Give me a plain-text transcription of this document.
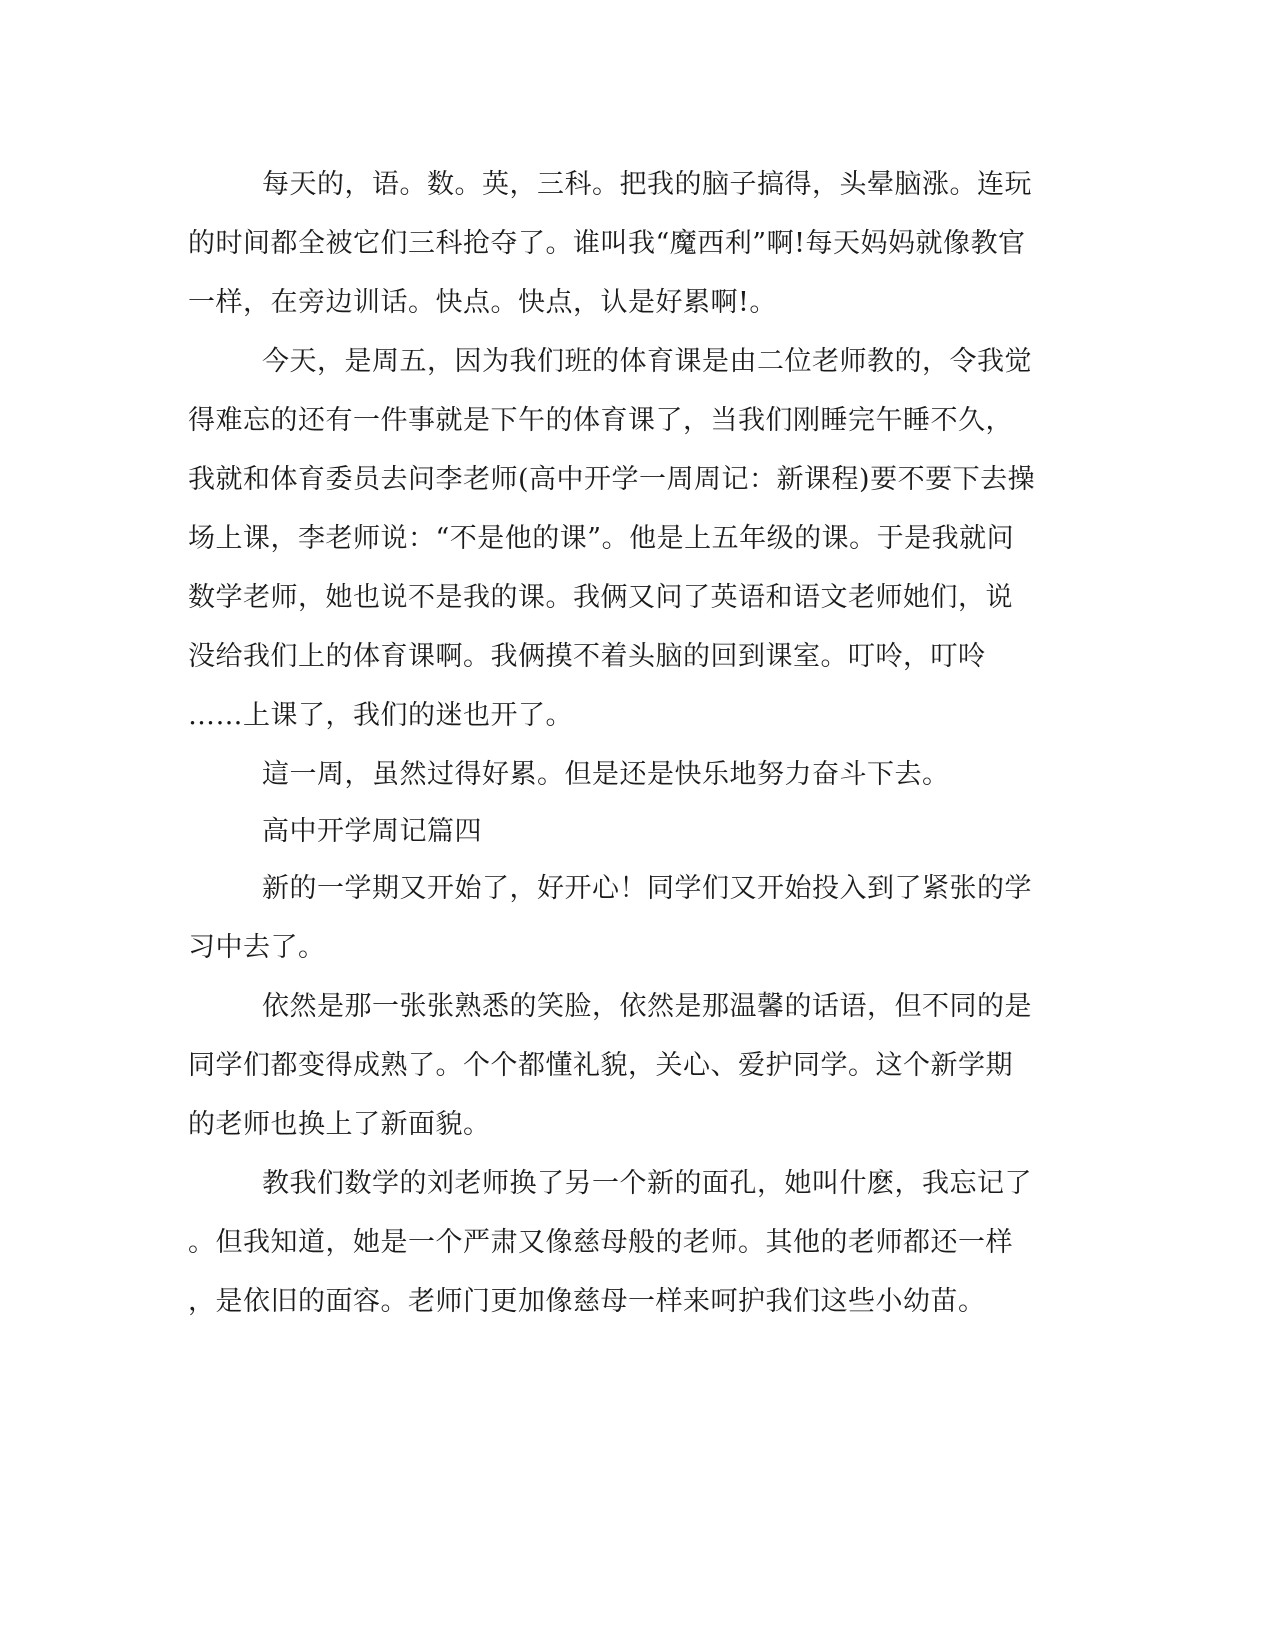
每天的，语。数。英，三科。把我的脑子搞得，头晕脑涨。连玩
的时间都全被它们三科抢夺了。谁叫我“魔西利”啊!每天妈妈就像教官
一样，在旁边训话。快点。快点，认是好累啊!。
今天，是周五，因为我们班的体育课是由二位老师教的，令我觉
得难忘的还有一件事就是下午的体育课了，当我们刚睡完午睡不久，
我就和体育委员去问李老师(高中开学一周周记：新课程)要不要下去操
场上课，李老师说：“不是他的课”。他是上五年级的课。于是我就问
数学老师，她也说不是我的课。我俩又问了英语和语文老师她们，说
没给我们上的体育课啊。我俩摸不着头脑的回到课室。叮呤，叮呤
……上课了，我们的迷也开了。
這一周，虽然过得好累。但是还是快乐地努力奋斗下去。
高中开学周记篇四
新的一学期又开始了，好开心！同学们又开始投入到了紧张的学
习中去了。
依然是那一张张熟悉的笑脸，依然是那温馨的话语，但不同的是
同学们都变得成熟了。个个都懂礼貌，关心、爱护同学。这个新学期
的老师也换上了新面貌。
教我们数学的刘老师换了另一个新的面孔，她叫什麽，我忘记了
。但我知道，她是一个严肃又像慈母般的老师。其他的老师都还一样
，是依旧的面容。老师门更加像慈母一样来呵护我们这些小幼苗。
